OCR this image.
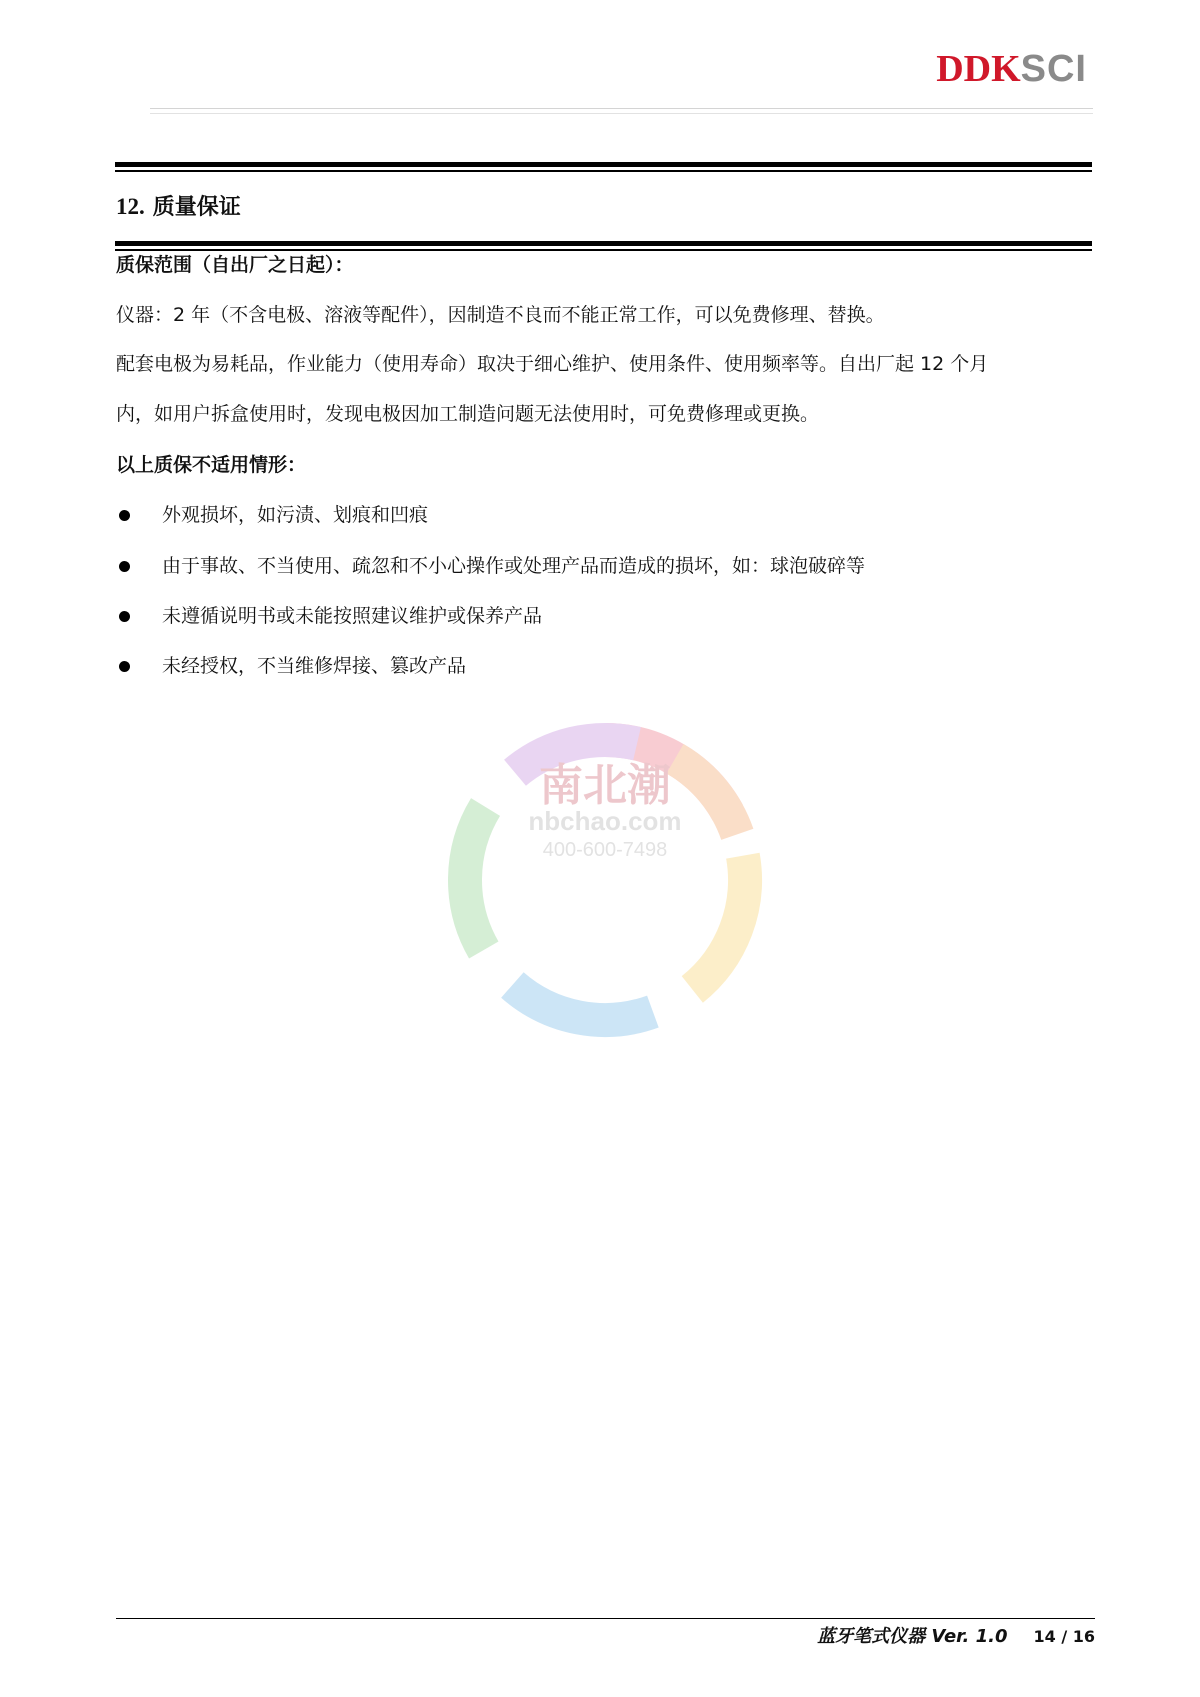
DDK SCI
12. 质量保证
质保范围（自出厂之日起）：
仪器：2 年（不含电极、溶液等配件），因制造不良而不能正常工作，可以免费修理、替换。
配套电极为易耗品，作业能力（使用寿命）取决于细心维护、使用条件、使用频率等。自出厂起 12 个月
内，如用户拆盒使用时，发现电极因加工制造问题无法使用时，可免费修理或更换。
以上质保不适用情形：
外观损坏，如污渍、划痕和凹痕
由于事故、不当使用、疏忽和不小心操作或处理产品而造成的损坏，如：球泡破碎等
未遵循说明书或未能按照建议维护或保养产品
未经授权，不当维修焊接、篡改产品
南北潮
nbchao.com
400-600-7498
蓝牙笔式仪器 Ver. 1.0 14 / 16
